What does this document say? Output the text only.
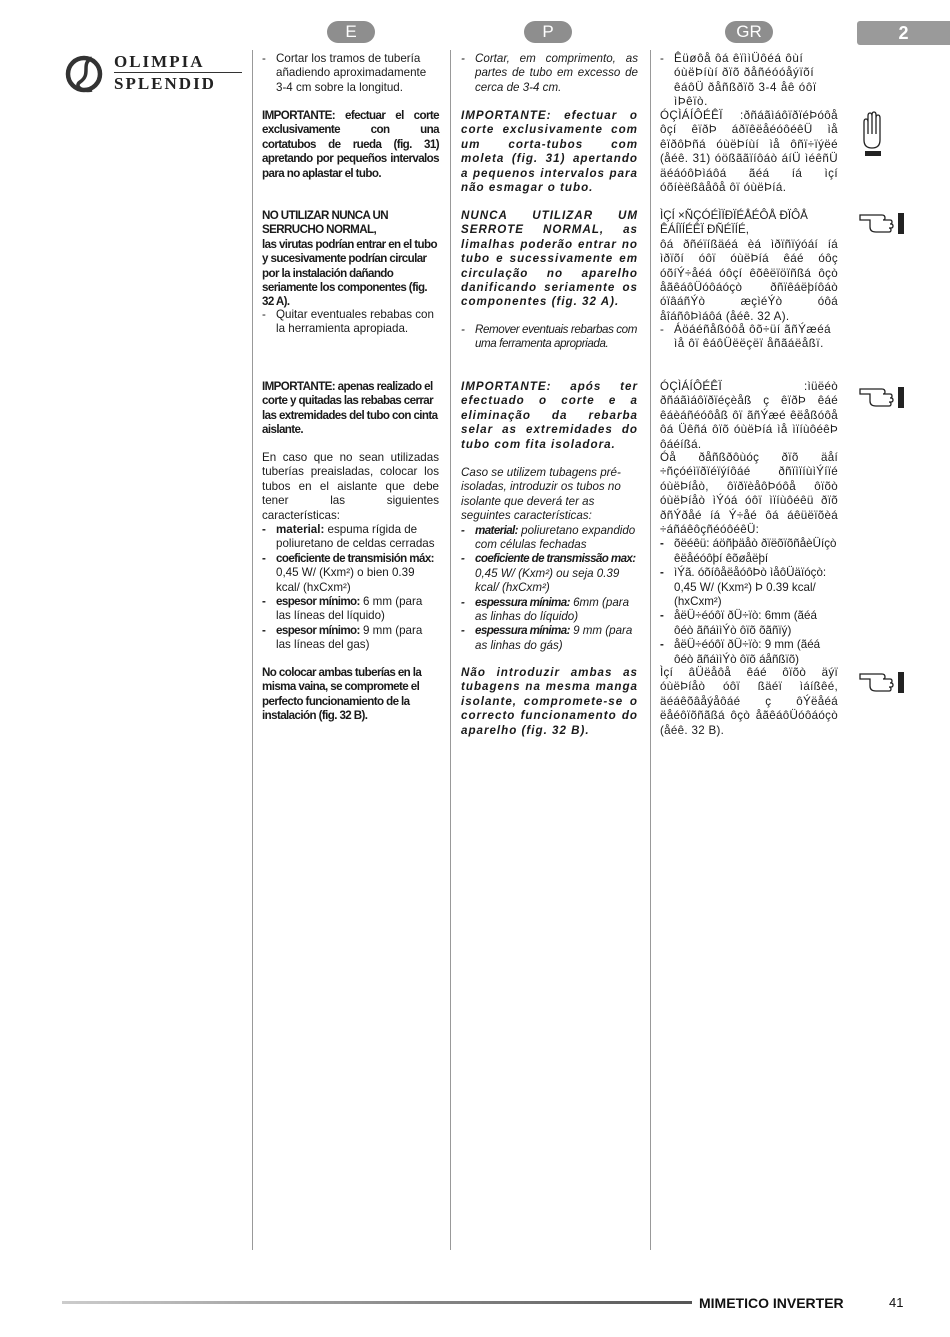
E	P	GR	2
OLIMPIA
SPLENDID

- Cortar los tramos de tubería añadiendo aproximadamente 3-4 cm sobre la longitud.

IMPORTANTE: efectuar el corte exclusivamente con una cortatubos de rueda (fig. 31) apretando por pequeños intervalos para no aplastar el tubo.

NO UTILIZAR NUNCA UN SERRUCHO NORMAL,

las virutas podrían entrar en el tubo y sucesivamente podrían circular por la instalación dañando seriamente los componentes (fig. 32 A).

- Quitar eventuales rebabas con la herramienta apropiada.

IMPORTANTE: apenas realizado el corte y quitadas las rebabas cerrar las extremidades del tubo con cinta aislante.

En caso que no sean utilizadas tuberías preaisladas, colocar los tubos en el aislante que debe tener las siguientes características:

- material: espuma rígida de poliuretano de celdas cerradas

- coeficiente de transmisión máx:
0,45 W/ (Kxm²) o bien 0.39 kcal/ (hxCxm²)

- espesor mínimo: 6 mm (para las líneas del líquido)

- espesor mínimo: 9 mm (para las líneas del gas)

No colocar ambas tuberías en la misma vaina, se compromete el perfecto funcionamiento de la instalación (fig. 32 B).

- Cortar, em comprimento, as partes de tubo em excesso de cerca de 3-4 cm.

IMPORTANTE: efectuar o corte exclusivamente com um corta-tubos com moleta (fig. 31) apertando a pequenos intervalos para não esmagar o tubo.

NUNCA UTILIZAR UM SERROTE NORMAL, as limalhas poderão entrar no tubo e sucessivamente em circulação no aparelho danificando seriamente os componentes (fig. 32 A).

- Remover eventuais rebarbas com uma ferramenta apropriada.

IMPORTANTE: após ter efectuado o corte e a eliminação da rebarba selar as extremidades do tubo com fita isoladora.

Caso se utilizem tubagens pré-isoladas, introduzir os tubos no isolante que deverá ter as seguintes características:

- material: poliuretano expandido com células fechadas

- coeficiente de transmissão max:
0,45 W/ (Kxm²) ou seja 0.39 kcal/ (hxCxm²)

- espessura mínima: 6mm (para as linhas do líquido)

- espessura mínima: 9 mm (para as linhas do gás)

Não introduzir ambas as tubagens na mesma manga isolante, compromete-se o correcto funcionamento do aparelho (fig. 32 B).

- Êüøôå ôá êïììÜôéá ôùí óùëÞíùí ðïõ ðåñéóóåýïõí êáôÜ ðåñßðïõ 3-4 åê óôï ìÞêïò.

ÓÇÌÁÍÔÉÊÏ :ðñáãìáôïðïéÞóôå ôçí êïðÞ áðïêëåéóôéêÜ ìå êïðôÞñá óùëÞíùí ìå ôñï÷ïýëé (åéê. 31) óößããïíôáò áíÜ ìéêñÜ äéáóôÞìáôá ãéá íá ìçí óõíèëßâåôå ôï óùëÞíá.

ÌÇÍ ×ÑÇÓÉÌÏÐÏÉÅÉÔÅ ÐÏÔÅ ÊÁÍÏÍÉÊÏ ÐÑÉÏÍÉ,

ôá ðñéïíßäéá èá ìðïñïýóáí íá ìðïõí óôï óùëÞíá êáé óôç óõíÝ÷åéá óôçí êõêëïöïñßá ôçò åãêáôÜóôáóçò ðñïêáëþíôáò óïâáñÝò æçìéÝò óôá åîáñôÞìáôá (åéê. 32 A).

- Áöáéñåßóôå ôõ÷üí ãñÝæéá ìå ôï êáôÜëëçëï åñãáëåßï.

ÓÇÌÁÍÔÉÊÏ :ìüëéò ðñáãìáôïðïéçèåß ç êïðÞ êáé êáèáñéóôåß ôï ãñÝæé êëåßóôå ôá Üêñá ôïõ óùëÞíá ìå ìïíùôéêÞ ôáéíßá.

Óå ðåñßðôùóç ðïõ äåí ÷ñçóéìïðïéïýíôáé ðñïìïíùìÝíïé óùëÞíåò, ôïðïèåôÞóôå ôïõò óùëÞíåò ìÝóá óôï ìïíùôéêü ðïõ ðñÝðåé íá Ý÷åé ôá áêüëïõèá ÷áñáêôçñéóôéêÜ:

- õëéêü: áöñþäåò ðïëõïõñåèÜíçò êëåéóôþí êõøåëþí

- ìÝã. óõíôåëåóôÞò ìåôÜäïóçò: 0,45 W/ (Kxm²) Þ 0.39 kcal/ (hxCxm²)

- åëÜ÷éóôï ðÜ÷ïò: 6mm (ãéá ôéò ãñáììÝò ôïõ õãñïý)

- åëÜ÷éóôï ðÜ÷ïò: 9 mm (ãéá ôéò ãñáììÝò ôïõ áåñßïõ)

Ìçí âÜëåôå êáé ôïõò äýï óùëÞíåò óôï ßäéï ìáíßêé, äéáêõâåýåôáé ç ôÝëåéá ëåéôïõñãßá ôçò åãêáôÜóôáóçò (åéê. 32 B).

MIMETICO INVERTER	41
